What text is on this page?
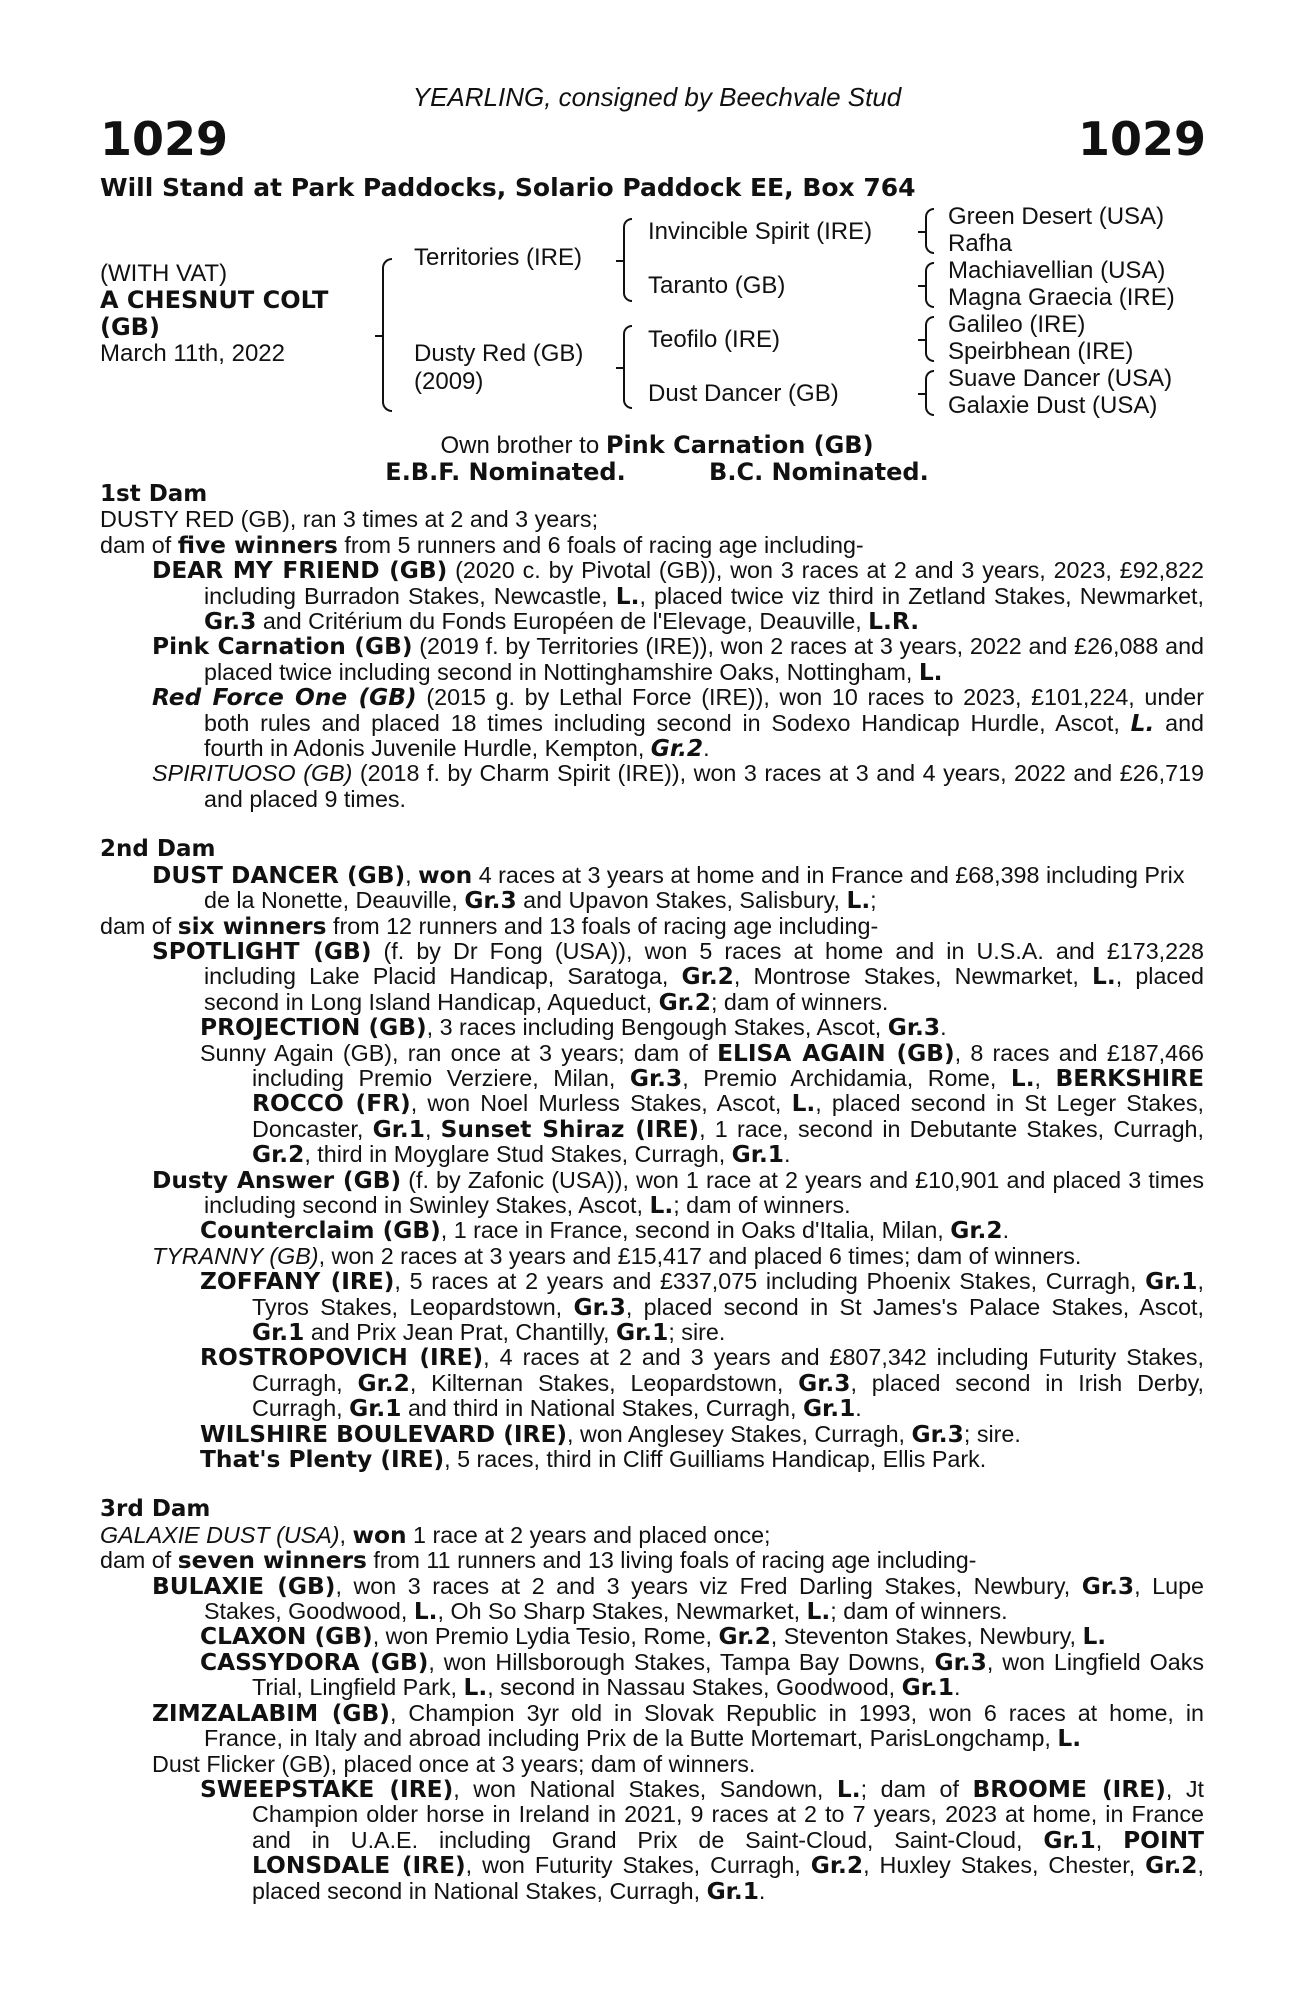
YEARLING, consigned by Beechvale Stud
1029	1029
Will Stand at Park Paddocks, Solario Paddock EE, Box 764
(WITH VAT)
A CHESNUT COLT
(GB)
March 11th, 2022
Territories (IRE)
Dusty Red (GB)
(2009)
Invincible Spirit (IRE)
Taranto (GB)
Teofilo (IRE)
Dust Dancer (GB)
Green Desert (USA)
Rafha
Machiavellian (USA)
Magna Graecia (IRE)
Galileo (IRE)
Speirbhean (IRE)
Suave Dancer (USA)
Galaxie Dust (USA)
Own brother to Pink Carnation (GB)
E.B.F. Nominated.	B.C. Nominated.

1st Dam

DUSTY RED (GB), ran 3 times at 2 and 3 years;

dam of five winners from 5 runners and 6 foals of racing age including-

DEAR MY FRIEND (GB) (2020 c. by Pivotal (GB)), won 3 races at 2 and 3 years, 2023, £92,822 including Burradon Stakes, Newcastle, L., placed twice viz third in Zetland Stakes, Newmarket, Gr.3 and Critérium du Fonds Européen de l'Elevage, Deauville, L.R.

Pink Carnation (GB) (2019 f. by Territories (IRE)), won 2 races at 3 years, 2022 and £26,088 and placed twice including second in Nottinghamshire Oaks, Nottingham, L.

Red Force One (GB) (2015 g. by Lethal Force (IRE)), won 10 races to 2023, £101,224, under both rules and placed 18 times including second in Sodexo Handicap Hurdle, Ascot, L. and fourth in Adonis Juvenile Hurdle, Kempton, Gr.2.

SPIRITUOSO (GB) (2018 f. by Charm Spirit (IRE)), won 3 races at 3 and 4 years, 2022 and £26,719 and placed 9 times.

2nd Dam

DUST DANCER (GB), won 4 races at 3 years at home and in France and £68,398 including Prix de la Nonette, Deauville, Gr.3 and Upavon Stakes, Salisbury, L.;

dam of six winners from 12 runners and 13 foals of racing age including-

SPOTLIGHT (GB) (f. by Dr Fong (USA)), won 5 races at home and in U.S.A. and £173,228 including Lake Placid Handicap, Saratoga, Gr.2, Montrose Stakes, Newmarket, L., placed second in Long Island Handicap, Aqueduct, Gr.2; dam of winners.

PROJECTION (GB), 3 races including Bengough Stakes, Ascot, Gr.3.

Sunny Again (GB), ran once at 3 years; dam of ELISA AGAIN (GB), 8 races and £187,466 including Premio Verziere, Milan, Gr.3, Premio Archidamia, Rome, L., BERKSHIRE ROCCO (FR), won Noel Murless Stakes, Ascot, L., placed second in St Leger Stakes, Doncaster, Gr.1, Sunset Shiraz (IRE), 1 race, second in Debutante Stakes, Curragh, Gr.2, third in Moyglare Stud Stakes, Curragh, Gr.1.

Dusty Answer (GB) (f. by Zafonic (USA)), won 1 race at 2 years and £10,901 and placed 3 times including second in Swinley Stakes, Ascot, L.; dam of winners.

Counterclaim (GB), 1 race in France, second in Oaks d'Italia, Milan, Gr.2.

TYRANNY (GB), won 2 races at 3 years and £15,417 and placed 6 times; dam of winners.

ZOFFANY (IRE), 5 races at 2 years and £337,075 including Phoenix Stakes, Curragh, Gr.1, Tyros Stakes, Leopardstown, Gr.3, placed second in St James's Palace Stakes, Ascot, Gr.1 and Prix Jean Prat, Chantilly, Gr.1; sire.

ROSTROPOVICH (IRE), 4 races at 2 and 3 years and £807,342 including Futurity Stakes, Curragh, Gr.2, Kilternan Stakes, Leopardstown, Gr.3, placed second in Irish Derby, Curragh, Gr.1 and third in National Stakes, Curragh, Gr.1.

WILSHIRE BOULEVARD (IRE), won Anglesey Stakes, Curragh, Gr.3; sire.

That's Plenty (IRE), 5 races, third in Cliff Guilliams Handicap, Ellis Park.

3rd Dam

GALAXIE DUST (USA), won 1 race at 2 years and placed once;

dam of seven winners from 11 runners and 13 living foals of racing age including-

BULAXIE (GB), won 3 races at 2 and 3 years viz Fred Darling Stakes, Newbury, Gr.3, Lupe Stakes, Goodwood, L., Oh So Sharp Stakes, Newmarket, L.; dam of winners.

CLAXON (GB), won Premio Lydia Tesio, Rome, Gr.2, Steventon Stakes, Newbury, L.

CASSYDORA (GB), won Hillsborough Stakes, Tampa Bay Downs, Gr.3, won Lingfield Oaks Trial, Lingfield Park, L., second in Nassau Stakes, Goodwood, Gr.1.

ZIMZALABIM (GB), Champion 3yr old in Slovak Republic in 1993, won 6 races at home, in France, in Italy and abroad including Prix de la Butte Mortemart, ParisLongchamp, L.

Dust Flicker (GB), placed once at 3 years; dam of winners.

SWEEPSTAKE (IRE), won National Stakes, Sandown, L.; dam of BROOME (IRE), Jt Champion older horse in Ireland in 2021, 9 races at 2 to 7 years, 2023 at home, in France and in U.A.E. including Grand Prix de Saint-Cloud, Saint-Cloud, Gr.1, POINT LONSDALE (IRE), won Futurity Stakes, Curragh, Gr.2, Huxley Stakes, Chester, Gr.2, placed second in National Stakes, Curragh, Gr.1.
